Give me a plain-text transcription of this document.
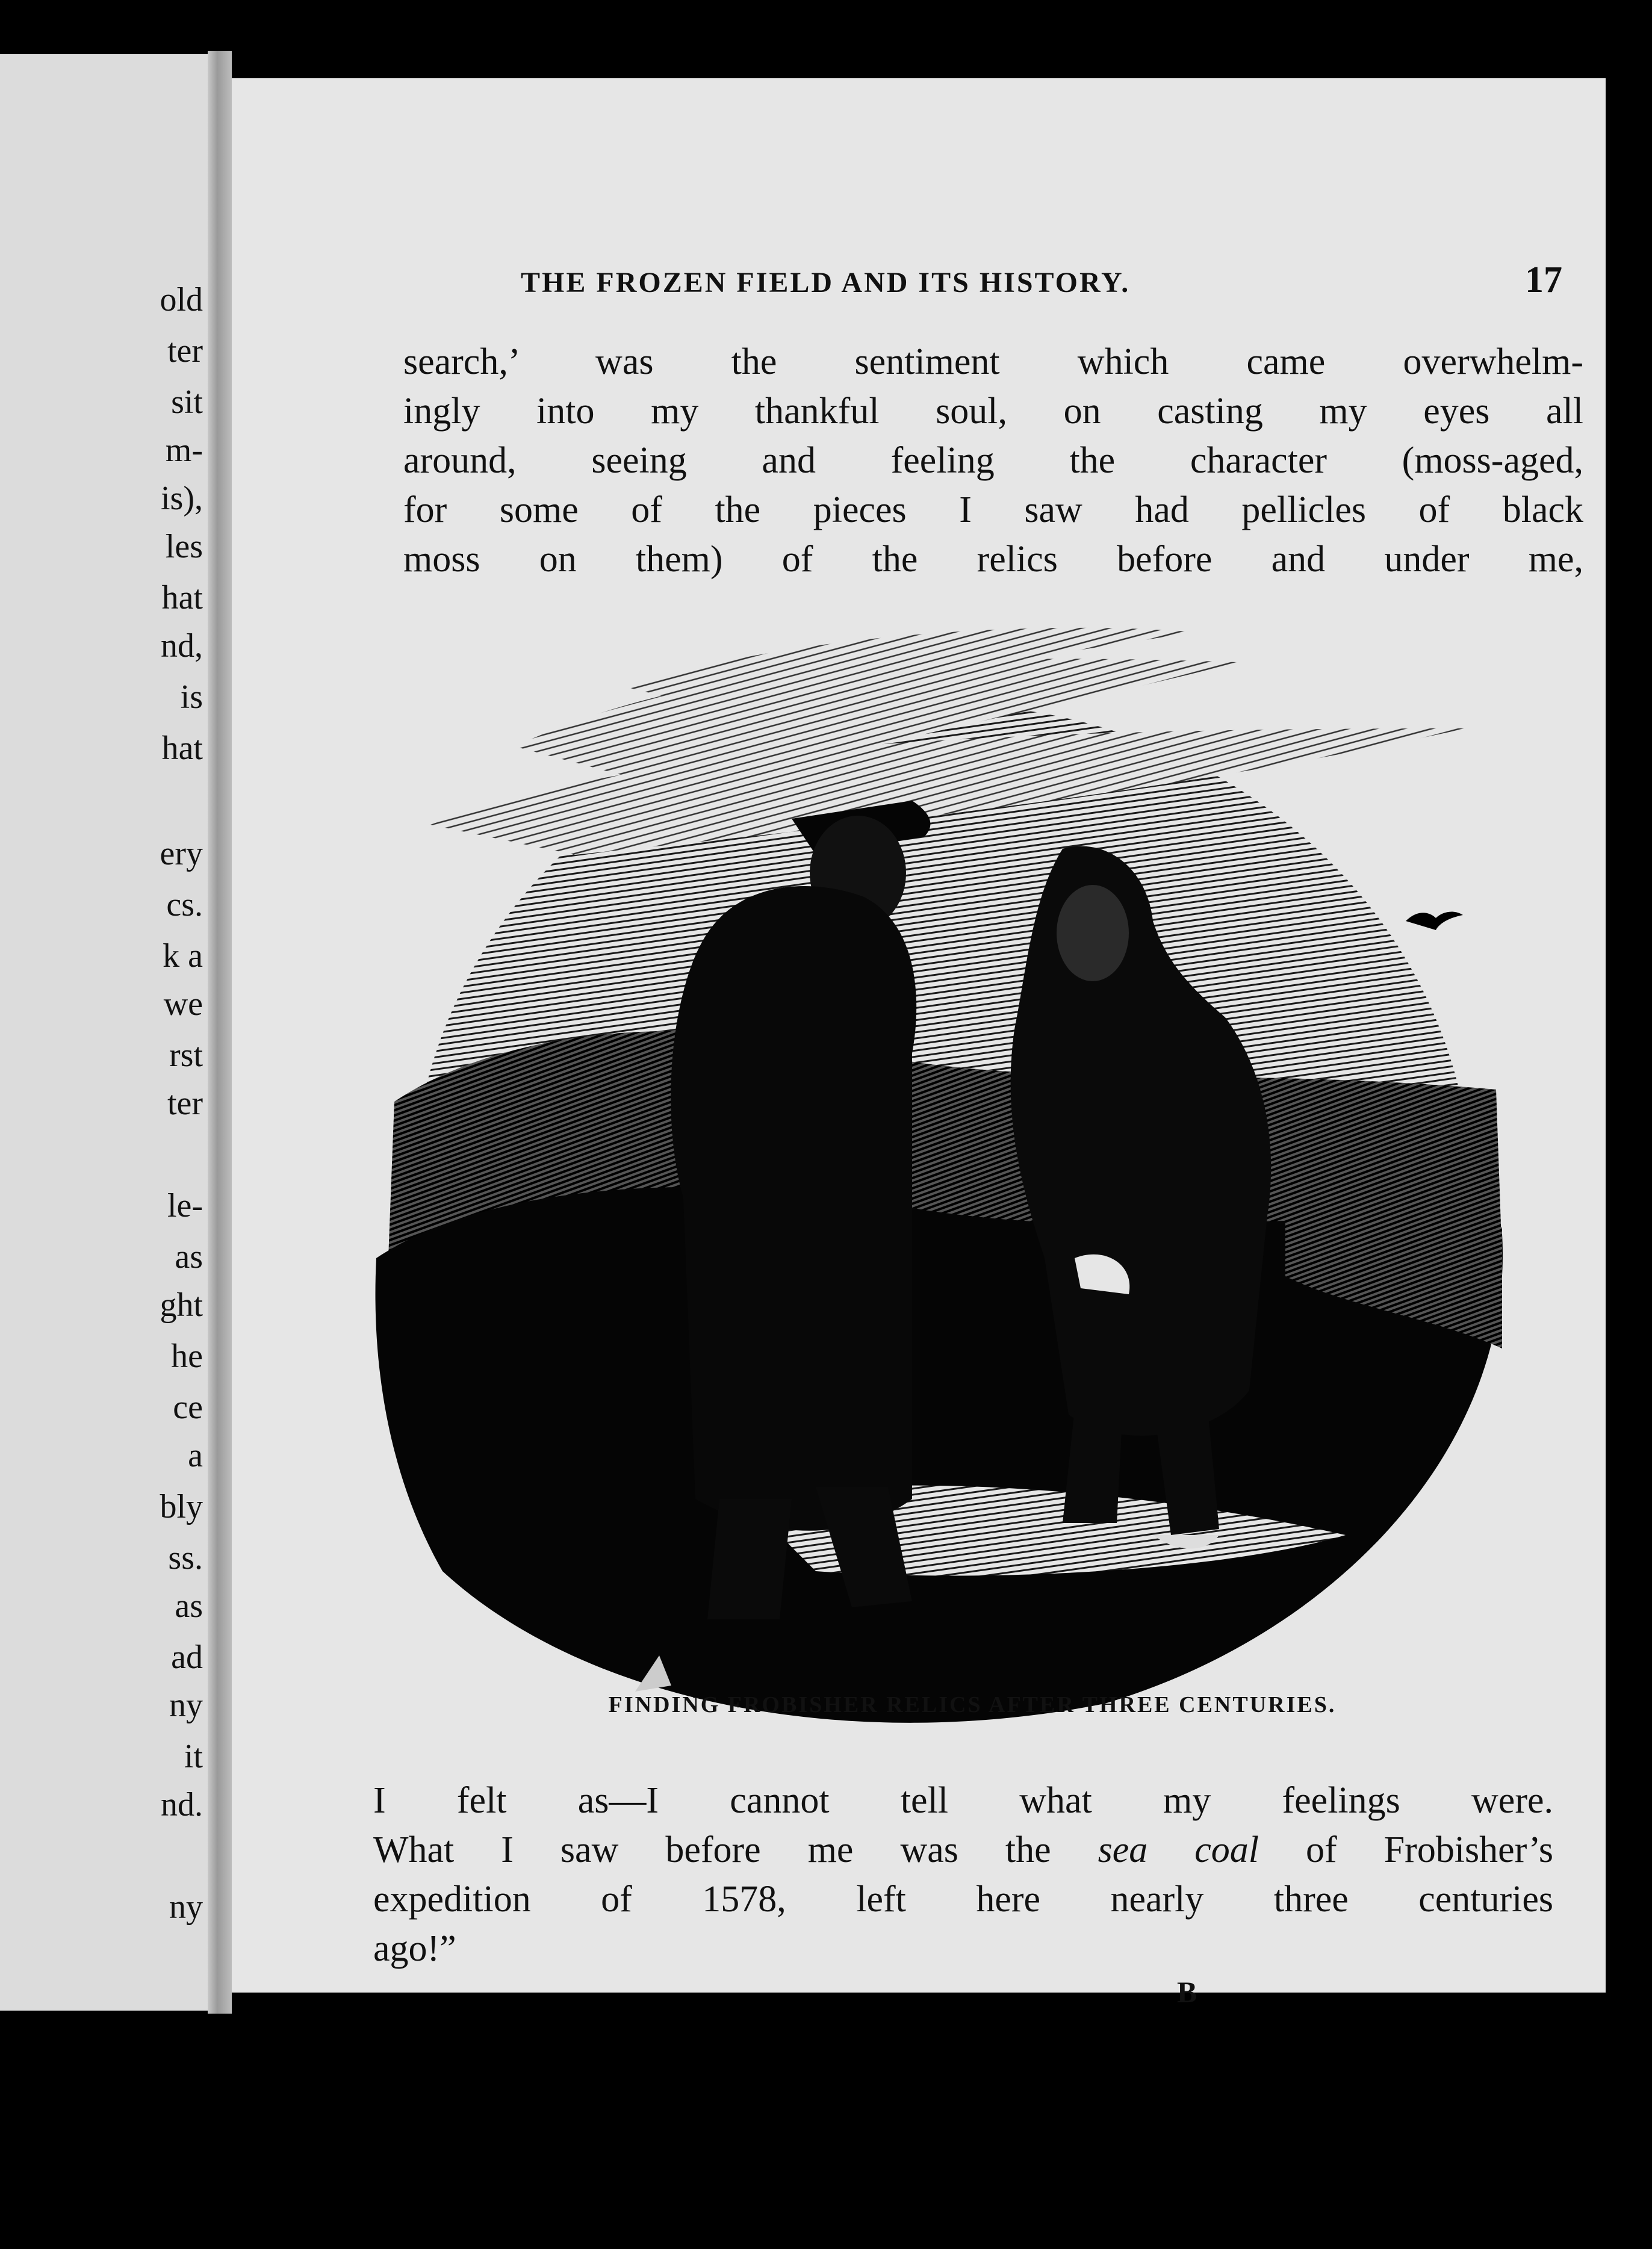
old
ter
sit
m-
is),
les
hat
nd,
is
hat
ery
cs.
k a
we
rst
ter
le-
as
ght
he
ce
a
bly
ss.
as
ad
ny
it
nd.
ny
THE FROZEN FIELD AND ITS HISTORY.	17
search,’ was the sentiment which came overwhelm-
ingly into my thankful soul, on casting my eyes all
around, seeing and feeling the character (moss-aged,
for some of the pieces I saw had pellicles of black
moss on them) of the relics before and under me,
FINDING FROBISHER RELICS AFTER THREE CENTURIES.
I felt as—I cannot tell what my feelings were.
What I saw before me was the sea coal of Frobisher’s
expedition of 1578, left here nearly three centuries
ago!”
B
